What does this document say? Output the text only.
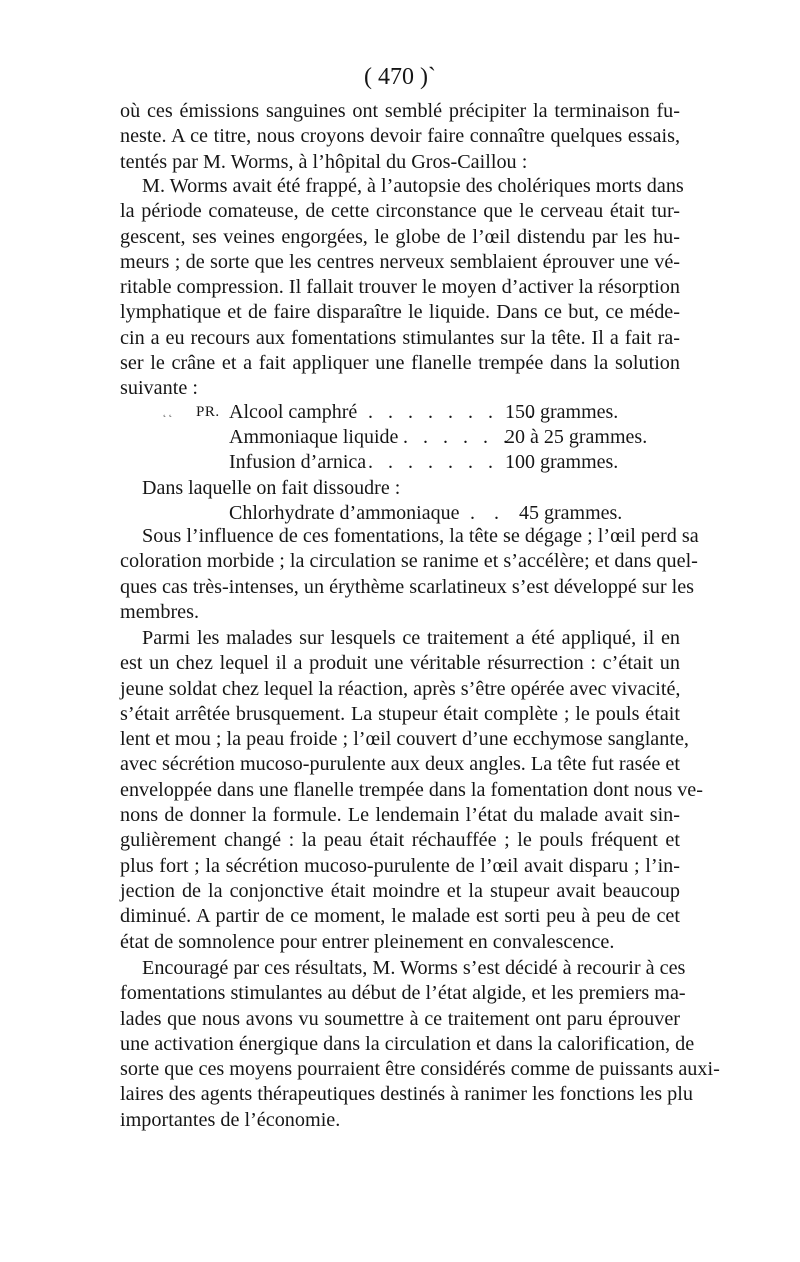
( 470 )`
où ces émissions sanguines ont semblé précipiter la terminaison fu-
neste. A ce titre, nous croyons devoir faire connaître quelques essais,
tentés par M. Worms, à l’hôpital du Gros-Caillou :
M. Worms avait été frappé, à l’autopsie des cholériques morts dans
la période comateuse, de cette circonstance que le cerveau était tur-
gescent, ses veines engorgées, le globe de l’œil distendu par les hu-
meurs ; de sorte que les centres nerveux semblaient éprouver une vé-
ritable compression. Il fallait trouver le moyen d’activer la résorption
lymphatique et de faire disparaître le liquide. Dans ce but, ce méde-
cin a eu recours aux fomentations stimulantes sur la tête. Il a fait ra-
ser le crâne et a fait appliquer une flanelle trempée dans la solution
suivante :
˛ ˛ PR. Alcool camphré . . . . . . . . .
150 grammes.
Ammoniaque liquide . . . . . .
20 à 25 grammes.
Infusion d’arnica . . . . . . . .
100 grammes.
Dans laquelle on fait dissoudre :
Chlorhydrate d’ammoniaque . . 45 grammes.
Sous l’influence de ces fomentations, la tête se dégage ; l’œil perd sa
coloration morbide ; la circulation se ranime et s’accélère; et dans quel-
ques cas très-intenses, un érythème scarlatineux s’est développé sur les
membres.
Parmi les malades sur lesquels ce traitement a été appliqué, il en
est un chez lequel il a produit une véritable résurrection : c’était un
jeune soldat chez lequel la réaction, après s’être opérée avec vivacité,
s’était arrêtée brusquement. La stupeur était complète ; le pouls était
lent et mou ; la peau froide ; l’œil couvert d’une ecchymose sanglante,
avec sécrétion mucoso-purulente aux deux angles. La tête fut rasée et
enveloppée dans une flanelle trempée dans la fomentation dont nous ve-
nons de donner la formule. Le lendemain l’état du malade avait sin-
gulièrement changé : la peau était réchauffée ; le pouls fréquent et
plus fort ; la sécrétion mucoso-purulente de l’œil avait disparu ; l’in-
jection de la conjonctive était moindre et la stupeur avait beaucoup
diminué. A partir de ce moment, le malade est sorti peu à peu de cet
état de somnolence pour entrer pleinement en convalescence.
Encouragé par ces résultats, M. Worms s’est décidé à recourir à ces
fomentations stimulantes au début de l’état algide, et les premiers ma-
lades que nous avons vu soumettre à ce traitement ont paru éprouver
une activation énergique dans la circulation et dans la calorification, de
sorte que ces moyens pourraient être considérés comme de puissants auxi-
laires des agents thérapeutiques destinés à ranimer les fonctions les plu
importantes de l’économie.
